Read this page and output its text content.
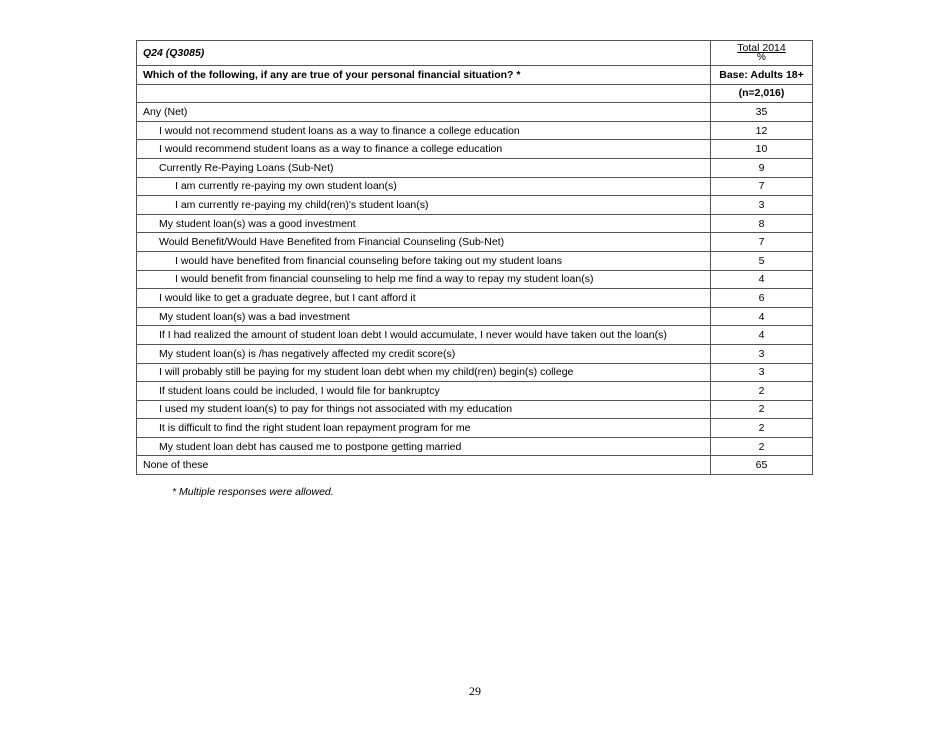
Q24 (Q3085)	Total 2014
%

Which of the following, if any are true of your personal financial situation? *	Base: Adults 18+
	(n=2,016)
Any (Net)	35
I would not recommend student loans as a way to finance a college education	12
I would recommend student loans as a way to finance a college education	10
Currently Re-Paying Loans (Sub-Net)	9
I am currently re-paying my own student loan(s)	7
I am currently re-paying my child(ren)'s student loan(s)	3
My student loan(s) was a good investment	8
Would Benefit/Would Have Benefited from Financial Counseling (Sub-Net)	7
I would have benefited from financial counseling before taking out my student loans	5
I would benefit from financial counseling to help me find a way to repay my student loan(s)	4
I would like to get a graduate degree, but I cant afford it	6
My student loan(s) was a bad investment	4
If I had realized the amount of student loan debt I would accumulate, I never would have taken out the loan(s)	4
My student loan(s) is /has negatively affected my credit score(s)	3
I will probably still be paying for my student loan debt when my child(ren) begin(s) college	3
If student loans could be included, I would file for bankruptcy	2
I used my student loan(s) to pay for things not associated with my education	2
It is difficult to find the right student loan repayment program for me	2
My student loan debt has caused me to postpone getting married	2
None of these	65
* Multiple responses were allowed.
29
